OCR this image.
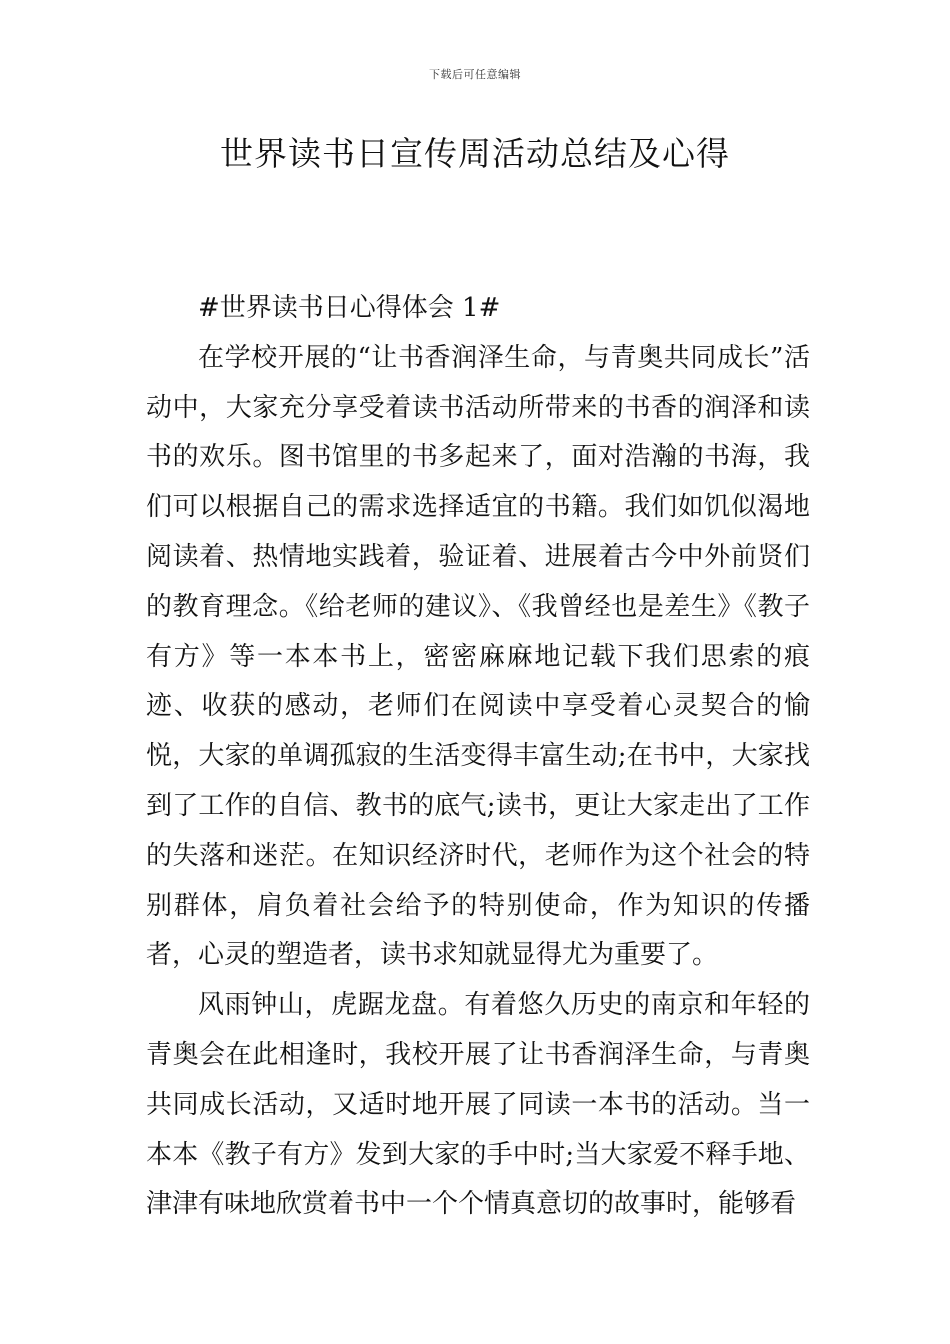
下载后可任意编辑
世界读书日宣传周活动总结及心得

#世界读书日心得体会 1#

在学校开展的“让书香润泽生命，与青奥共同成长”活动中，大家充分享受着读书活动所带来的书香的润泽和读书的欢乐。图书馆里的书多起来了，面对浩瀚的书海，我们可以根据自己的需求选择适宜的书籍。我们如饥似渴地阅读着、热情地实践着，验证着、进展着古今中外前贤们的教育理念。《给老师的建议》、《我曾经也是差生》《教子有方》等一本本书上，密密麻麻地记载下我们思索的痕迹、收获的感动，老师们在阅读中享受着心灵契合的愉悦，大家的单调孤寂的生活变得丰富生动;在书中，大家找到了工作的自信、教书的底气;读书，更让大家走出了工作的失落和迷茫。在知识经济时代，老师作为这个社会的特别群体，肩负着社会给予的特别使命，作为知识的传播者，心灵的塑造者，读书求知就显得尤为重要了。

风雨钟山，虎踞龙盘。有着悠久历史的南京和年轻的青奥会在此相逢时，我校开展了让书香润泽生命，与青奥共同成长活动，又适时地开展了同读一本书的活动。当一本本《教子有方》发到大家的手中时;当大家爱不释手地、津津有味地欣赏着书中一个个情真意切的故事时，能够看
